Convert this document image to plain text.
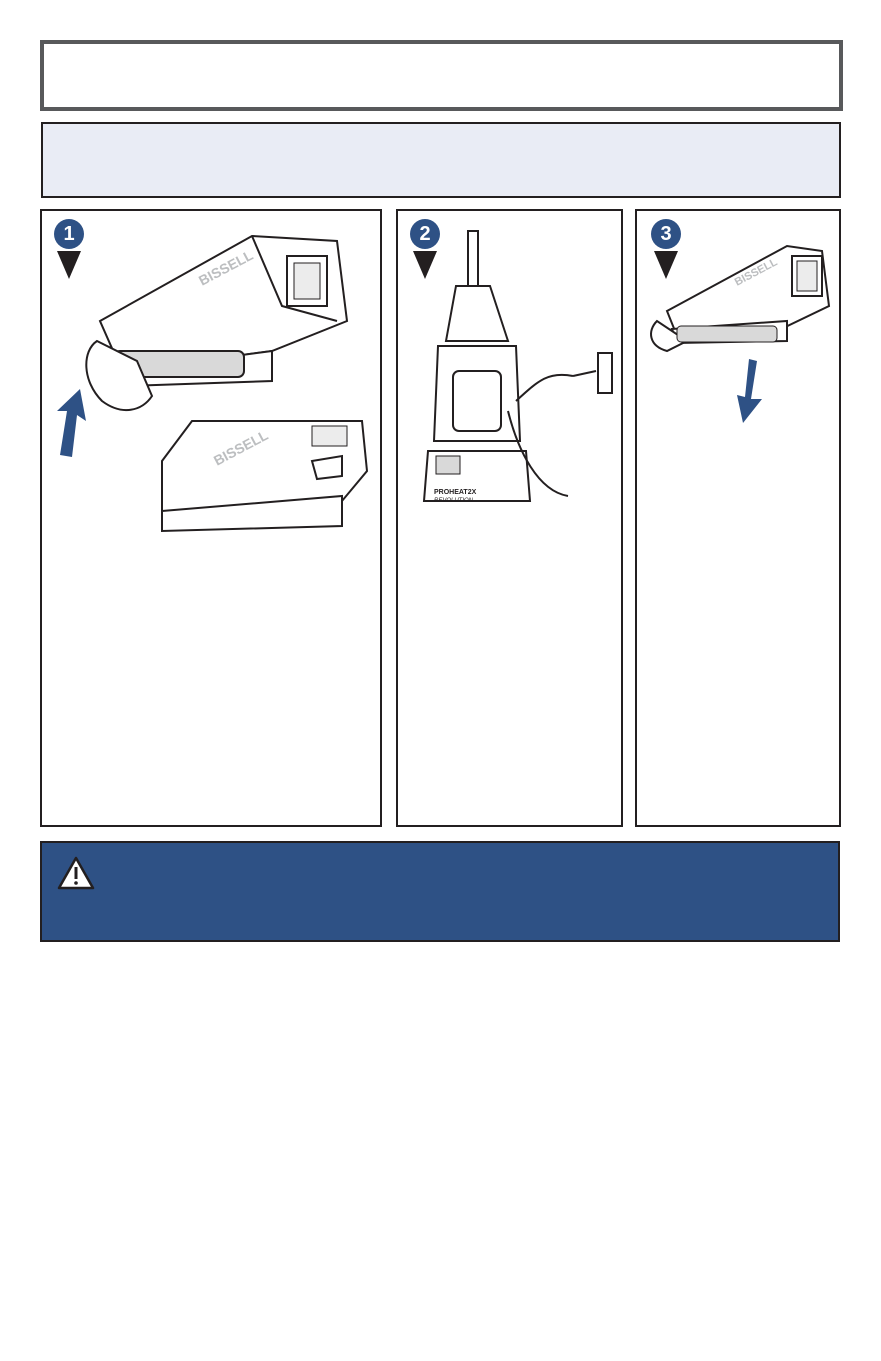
1
BISSELL
BISSELL
2
PROHEAT2X
REVOLUTION
3
BISSELL
